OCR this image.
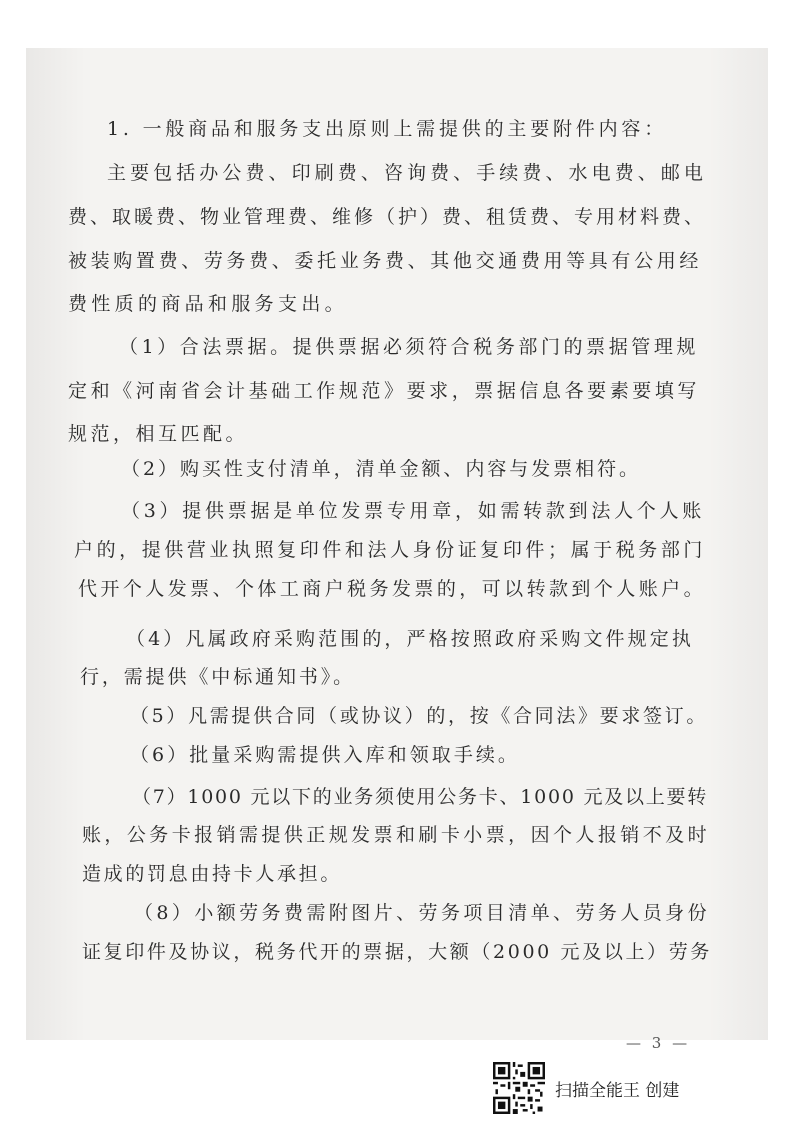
1. 一般商品和服务支出原则上需提供的主要附件内容：

主要包括办公费、印刷费、咨询费、手续费、水电费、邮电

费、取暖费、物业管理费、维修（护）费、租赁费、专用材料费、

被装购置费、劳务费、委托业务费、其他交通费用等具有公用经

费性质的商品和服务支出。

（1）合法票据。提供票据必须符合税务部门的票据管理规

定和《河南省会计基础工作规范》要求，票据信息各要素要填写

规范，相互匹配。

（2）购买性支付清单，清单金额、内容与发票相符。

（3）提供票据是单位发票专用章，如需转款到法人个人账

户的，提供营业执照复印件和法人身份证复印件；属于税务部门

代开个人发票、个体工商户税务发票的，可以转款到个人账户。

（4）凡属政府采购范围的，严格按照政府采购文件规定执

行，需提供《中标通知书》。

（5）凡需提供合同（或协议）的，按《合同法》要求签订。

（6）批量采购需提供入库和领取手续。

（7）1000 元以下的业务须使用公务卡、1000 元及以上要转

账，公务卡报销需提供正规发票和刷卡小票，因个人报销不及时

造成的罚息由持卡人承担。

（8）小额劳务费需附图片、劳务项目清单、劳务人员身份

证复印件及协议，税务代开的票据，大额（2000 元及以上）劳务

— 3 —

扫描全能王 创建
